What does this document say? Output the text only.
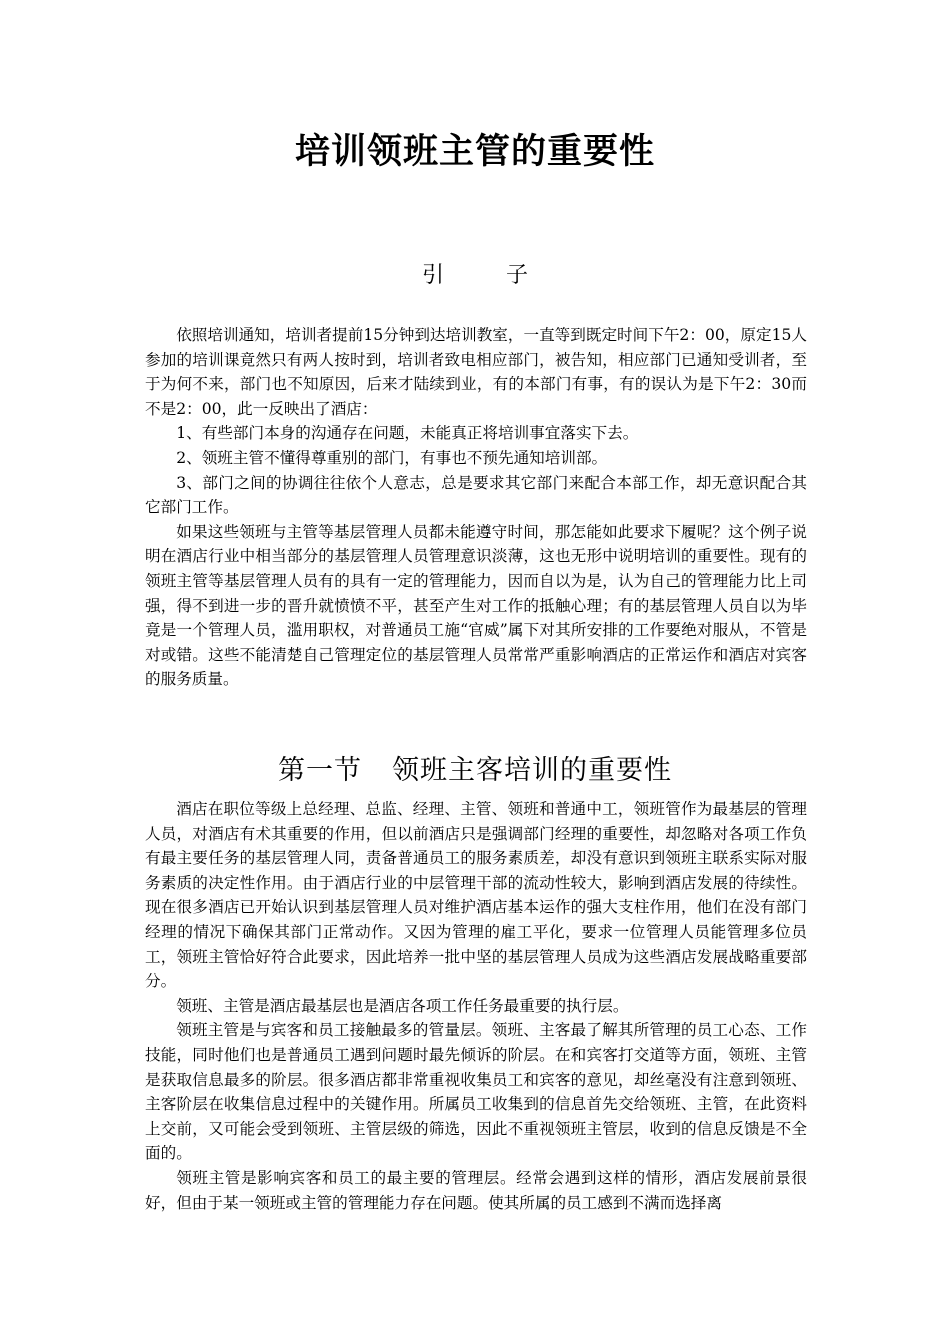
培训领班主管的重要性
引	子

依照培训通知，培训者提前15分钟到达培训教室，一直等到既定时间下午2：00，原定15人参加的培训课竟然只有两人按时到，培训者致电相应部门，被告知，相应部门已通知受训者，至于为何不来，部门也不知原因，后来才陆续到业，有的本部门有事，有的误认为是下午2：30而不是2：00，此一反映出了酒店：

1、有些部门本身的沟通存在问题，未能真正将培训事宜落实下去。

2、领班主管不懂得尊重别的部门，有事也不预先通知培训部。

3、部门之间的协调往往依个人意志，总是要求其它部门来配合本部工作，却无意识配合其它部门工作。

如果这些领班与主管等基层管理人员都未能遵守时间，那怎能如此要求下履呢？这个例子说明在酒店行业中相当部分的基层管理人员管理意识淡薄，这也无形中说明培训的重要性。现有的领班主管等基层管理人员有的具有一定的管理能力，因而自以为是，认为自己的管理能力比上司强，得不到进一步的晋升就愤愤不平，甚至产生对工作的抵触心理；有的基层管理人员自以为毕竟是一个管理人员，滥用职权，对普通员工施“官威”属下对其所安排的工作要绝对服从，不管是对或错。这些不能清楚自己管理定位的基层管理人员常常严重影响酒店的正常运作和酒店对宾客的服务质量。

第一节 领班主客培训的重要性

酒店在职位等级上总经理、总监、经理、主管、领班和普通中工，领班管作为最基层的管理人员，对酒店有术其重要的作用，但以前酒店只是强调部门经理的重要性，却忽略对各项工作负有最主要任务的基层管理人同，责备普通员工的服务素质差，却没有意识到领班主联系实际对服务素质的决定性作用。由于酒店行业的中层管理干部的流动性较大，影响到酒店发展的待续性。现在很多酒店已开始认识到基层管理人员对维护酒店基本运作的强大支柱作用，他们在没有部门经理的情况下确保其部门正常动作。又因为管理的雇工平化，要求一位管理人员能管理多位员工，领班主管恰好符合此要求，因此培养一批中坚的基层管理人员成为这些酒店发展战略重要部分。

领班、主管是酒店最基层也是酒店各项工作任务最重要的执行层。

领班主管是与宾客和员工接触最多的管量层。领班、主客最了解其所管理的员工心态、工作技能，同时他们也是普通员工遇到问题时最先倾诉的阶层。在和宾客打交道等方面，领班、主管是获取信息最多的阶层。很多酒店都非常重视收集员工和宾客的意见，却丝毫没有注意到领班、主客阶层在收集信息过程中的关键作用。所属员工收集到的信息首先交给领班、主管，在此资料上交前，又可能会受到领班、主管层级的筛选，因此不重视领班主管层，收到的信息反馈是不全面的。

领班主管是影响宾客和员工的最主要的管理层。经常会遇到这样的情形，酒店发展前景很好，但由于某一领班或主管的管理能力存在问题。使其所属的员工感到不满而选择离
